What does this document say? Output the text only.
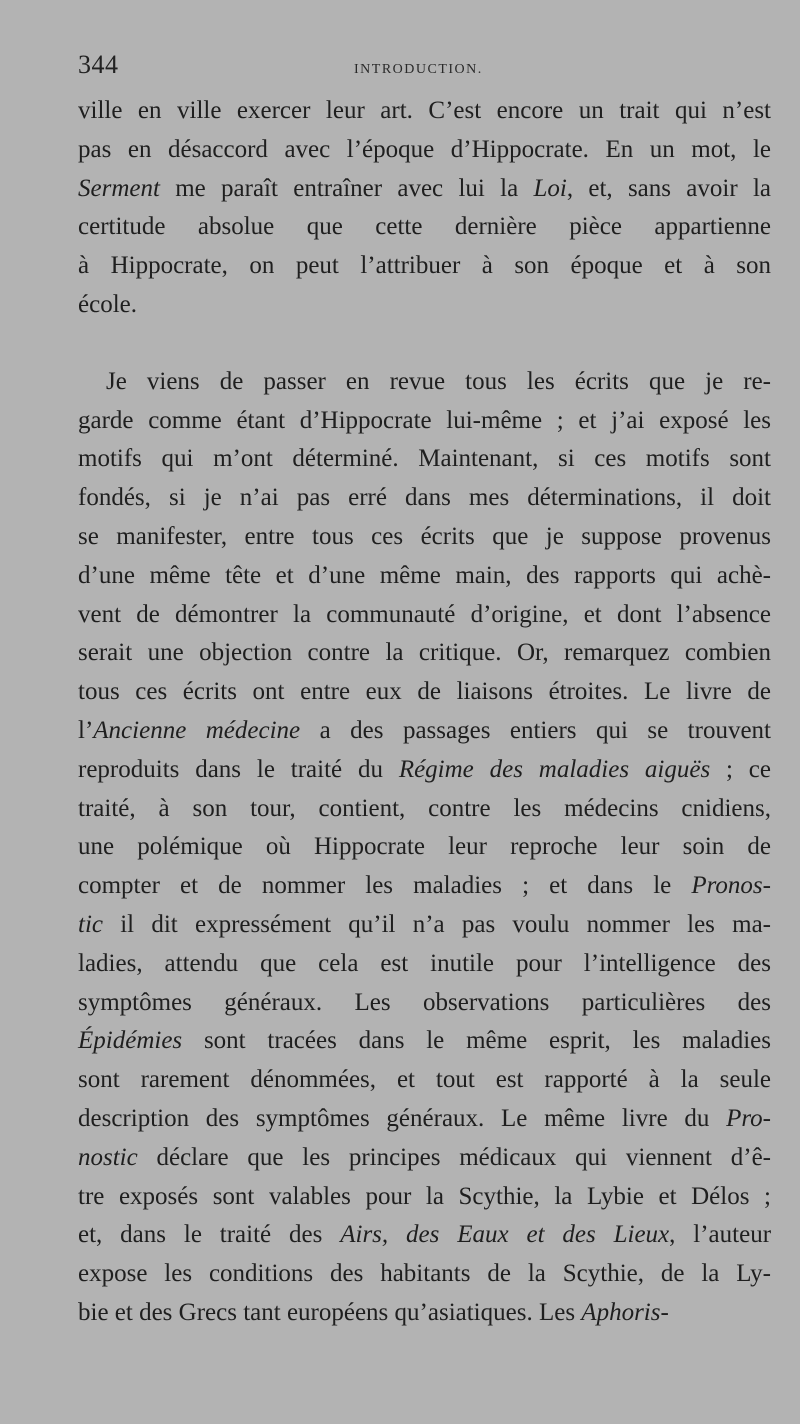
344	INTRODUCTION.
ville en ville exercer leur art. C’est encore un trait qui n’est
pas en désaccord avec l’époque d’Hippocrate. En un mot, le
Serment me paraît entraîner avec lui la Loi, et, sans avoir la
certitude absolue que cette dernière pièce appartienne
à Hippocrate, on peut l’attribuer à son époque et à son
école.
Je viens de passer en revue tous les écrits que je re-
garde comme étant d’Hippocrate lui-même ; et j’ai exposé les
motifs qui m’ont déterminé. Maintenant, si ces motifs sont
fondés, si je n’ai pas erré dans mes déterminations, il doit
se manifester, entre tous ces écrits que je suppose provenus
d’une même tête et d’une même main, des rapports qui achè-
vent de démontrer la communauté d’origine, et dont l’absence
serait une objection contre la critique. Or, remarquez combien
tous ces écrits ont entre eux de liaisons étroites. Le livre de
l’Ancienne médecine a des passages entiers qui se trouvent
reproduits dans le traité du Régime des maladies aiguës ; ce
traité, à son tour, contient, contre les médecins cnidiens,
une polémique où Hippocrate leur reproche leur soin de
compter et de nommer les maladies ; et dans le Pronos-
tic il dit expressément qu’il n’a pas voulu nommer les ma-
ladies, attendu que cela est inutile pour l’intelligence des
symptômes généraux. Les observations particulières des
Épidémies sont tracées dans le même esprit, les maladies
sont rarement dénommées, et tout est rapporté à la seule
description des symptômes généraux. Le même livre du Pro-
nostic déclare que les principes médicaux qui viennent d’ê-
tre exposés sont valables pour la Scythie, la Lybie et Délos ;
et, dans le traité des Airs, des Eaux et des Lieux, l’auteur
expose les conditions des habitants de la Scythie, de la Ly-
bie et des Grecs tant européens qu’asiatiques. Les Aphoris-
